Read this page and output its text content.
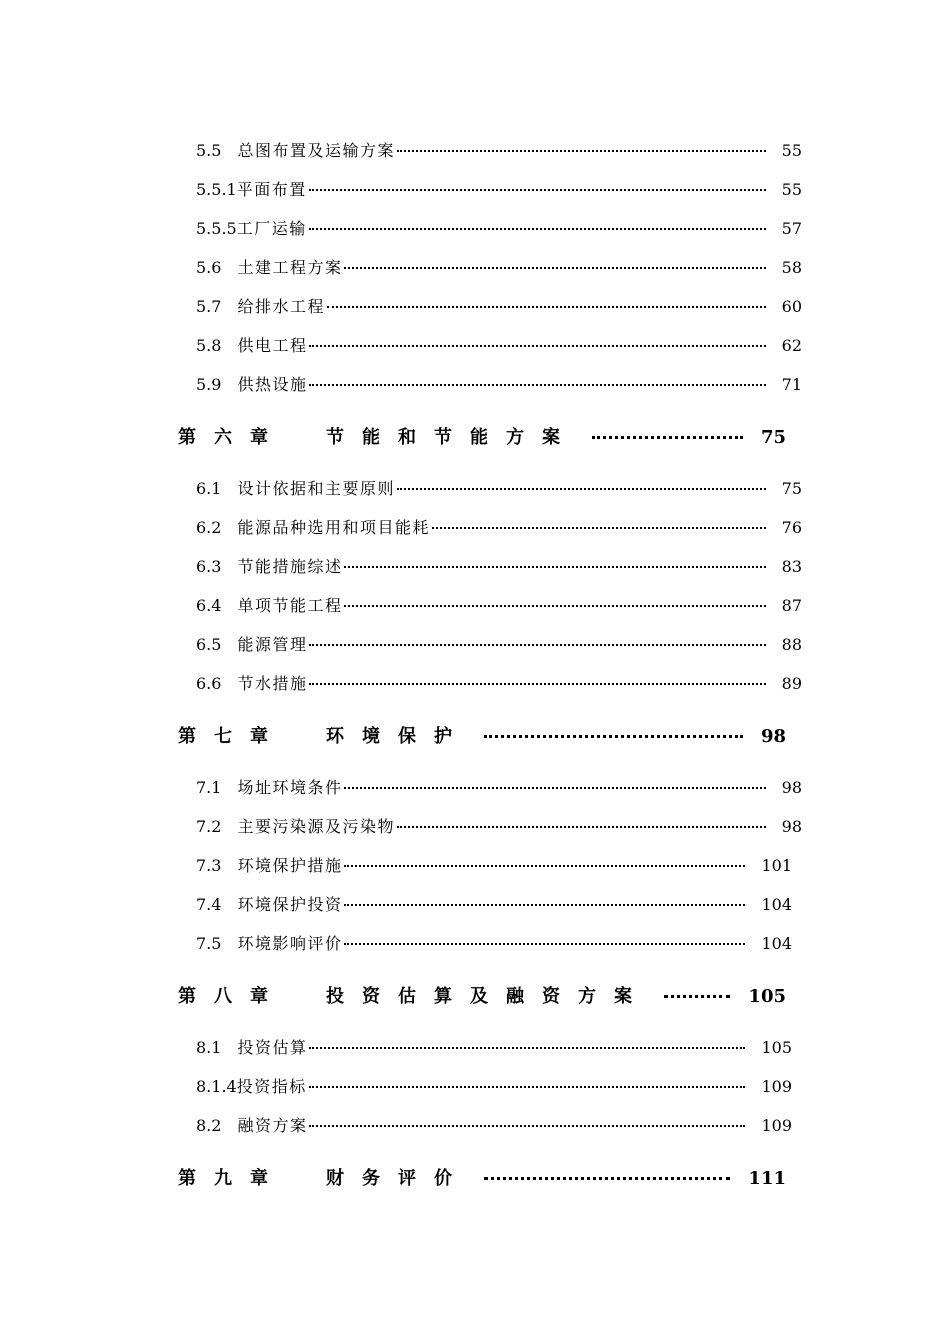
5.5 总图布置及运输方案	55
5.5.1 平面布置	55
5.5.5 工厂运输	57
5.6 土建工程方案	58
5.7 给排水工程	60
5.8 供电工程	62
5.9 供热设施	71
第六章	节能和节能方案	75
6.1 设计依据和主要原则	75
6.2 能源品种选用和项目能耗	76
6.3 节能措施综述	83
6.4 单项节能工程	87
6.5 能源管理	88
6.6 节水措施	89
第七章	环境保护	98
7.1 场址环境条件	98
7.2 主要污染源及污染物	98
7.3 环境保护措施	101
7.4 环境保护投资	104
7.5 环境影响评价	104
第八章	投资估算及融资方案	105
8.1 投资估算	105
8.1.4 投资指标	109
8.2 融资方案	109
第九章	财务评价	111
